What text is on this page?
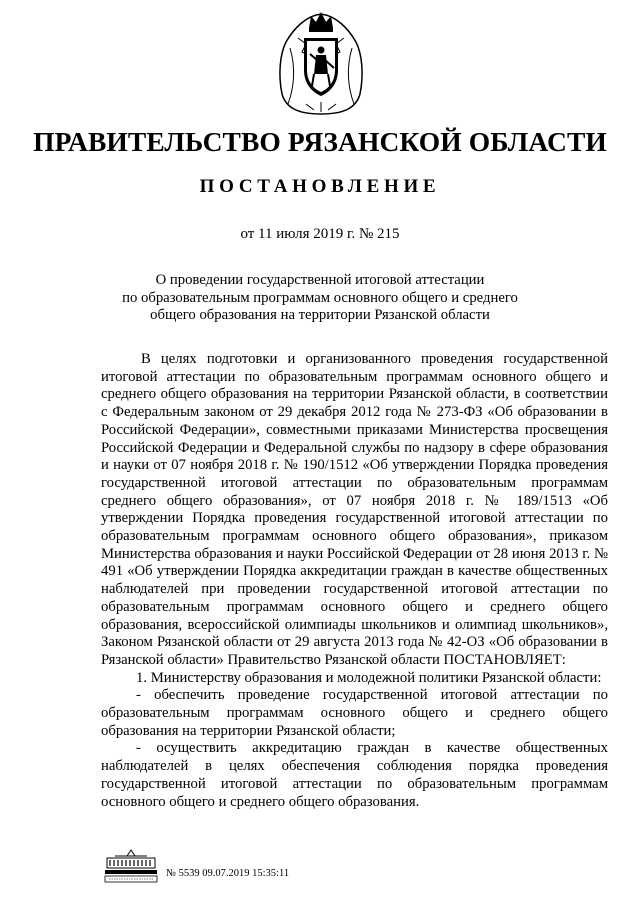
ПРАВИТЕЛЬСТВО РЯЗАНСКОЙ ОБЛАСТИ
ПОСТАНОВЛЕНИЕ
от 11 июля 2019 г. № 215
О проведении государственной итоговой аттестации
по образовательным программам основного общего и среднего
общего образования на территории Рязанской области

В целях подготовки и организованного проведения государственной итоговой аттестации по образовательным программам основного общего и среднего общего образования на территории Рязанской области, в соответствии с Федеральным законом от 29 декабря 2012 года № 273-ФЗ «Об образовании в Российской Федерации», совместными приказами Министерства просвещения Российской Федерации и Федеральной службы по надзору в сфере образования и науки от 07 ноября 2018 г. № 190/1512 «Об утверждении Порядка проведения государственной итоговой аттестации по образовательным программам среднего общего образования», от 07 ноября 2018 г. № 189/1513 «Об утверждении Порядка проведения государственной итоговой аттестации по образовательным программам основного общего образования», приказом Министерства образования и науки Российской Федерации от 28 июня 2013 г. № 491 «Об утверждении Порядка аккредитации граждан в качестве общественных наблюдателей при проведении государственной итоговой аттестации по образовательным программам основного общего и среднего общего образования, всероссийской олимпиады школьников и олимпиад школьников», Законом Рязанской области от 29 августа 2013 года № 42-ОЗ «Об образовании в Рязанской области» Правительство Рязанской области ПОСТАНОВЛЯЕТ:

1. Министерству образования и молодежной политики Рязанской области:

- обеспечить проведение государственной итоговой аттестации по образовательным программам основного общего и среднего общего образования на территории Рязанской области;

- осуществить аккредитацию граждан в качестве общественных наблюдателей в целях обеспечения соблюдения порядка проведения государственной итоговой аттестации по образовательным программам основного общего и среднего общего образования.

№ 5539 09.07.2019 15:35:11
